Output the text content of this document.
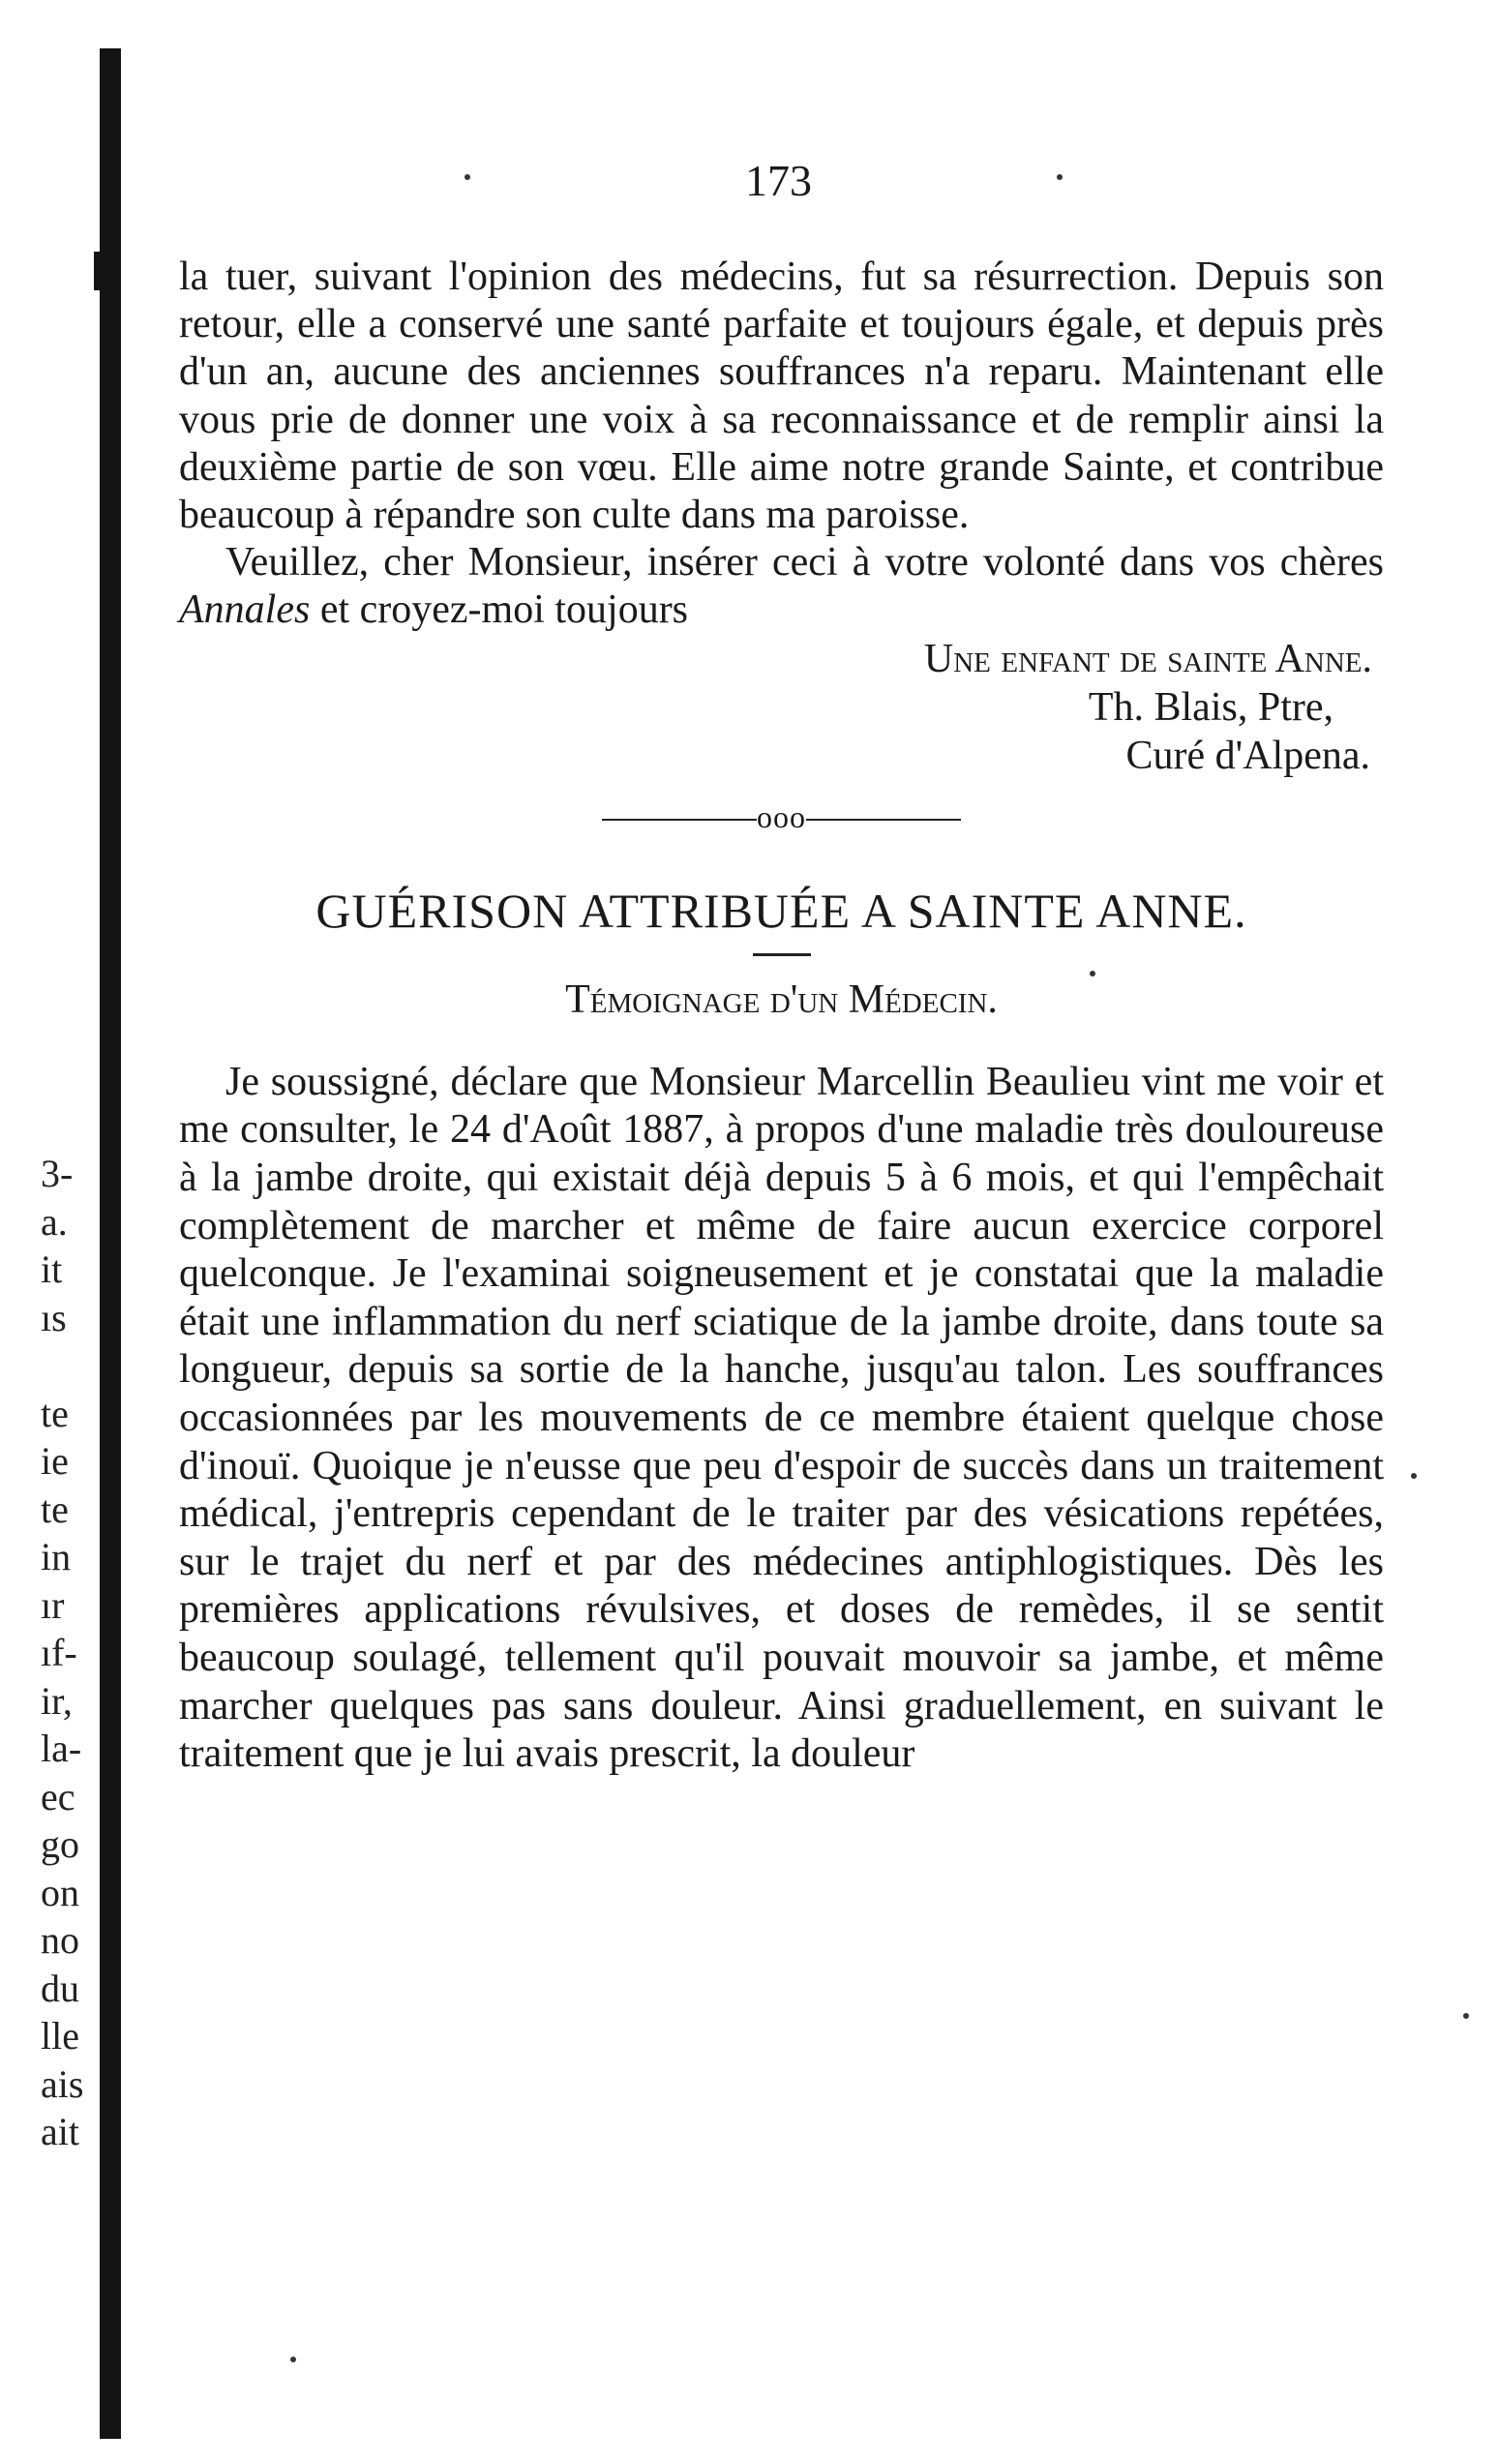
3-
a.
it
ıs
te
ie
te
in
ır
ıf-
ir,
la-
ec
go
on
no
du
lle
ais
ait
173

la tuer, suivant l'opinion des médecins, fut sa résurrection. Depuis son retour, elle a conservé une santé parfaite et toujours égale, et depuis près d'un an, aucune des anciennes souffrances n'a reparu. Maintenant elle vous prie de donner une voix à sa reconnaissance et de remplir ainsi la deuxième partie de son vœu. Elle aime notre grande Sainte, et contribue beaucoup à répandre son culte dans ma paroisse.

Veuillez, cher Monsieur, insérer ceci à votre volonté dans vos chères Annales et croyez-moi toujours

Une enfant de sainte Anne.
Th. Blais, Ptre,
Curé d'Alpena.
ooo
GUÉRISON ATTRIBUÉE A SAINTE ANNE.
Témoignage d'un Médecin.

Je soussigné, déclare que Monsieur Marcellin Beaulieu vint me voir et me consulter, le 24 d'Août 1887, à propos d'une maladie très douloureuse à la jambe droite, qui existait déjà depuis 5 à 6 mois, et qui l'empêchait complètement de marcher et même de faire aucun exercice corporel quelconque. Je l'examinai soigneusement et je constatai que la maladie était une inflammation du nerf sciatique de la jambe droite, dans toute sa longueur, depuis sa sortie de la hanche, jusqu'au talon. Les souffrances occasionnées par les mouvements de ce membre étaient quelque chose d'inouï. Quoique je n'eusse que peu d'espoir de succès dans un traitement médical, j'entrepris cependant de le traiter par des vésications repétées, sur le trajet du nerf et par des médecines antiphlogistiques. Dès les premières applications révulsives, et doses de remèdes, il se sentit beaucoup soulagé, tellement qu'il pouvait mouvoir sa jambe, et même marcher quelques pas sans douleur. Ainsi graduellement, en suivant le traitement que je lui avais prescrit, la douleur
